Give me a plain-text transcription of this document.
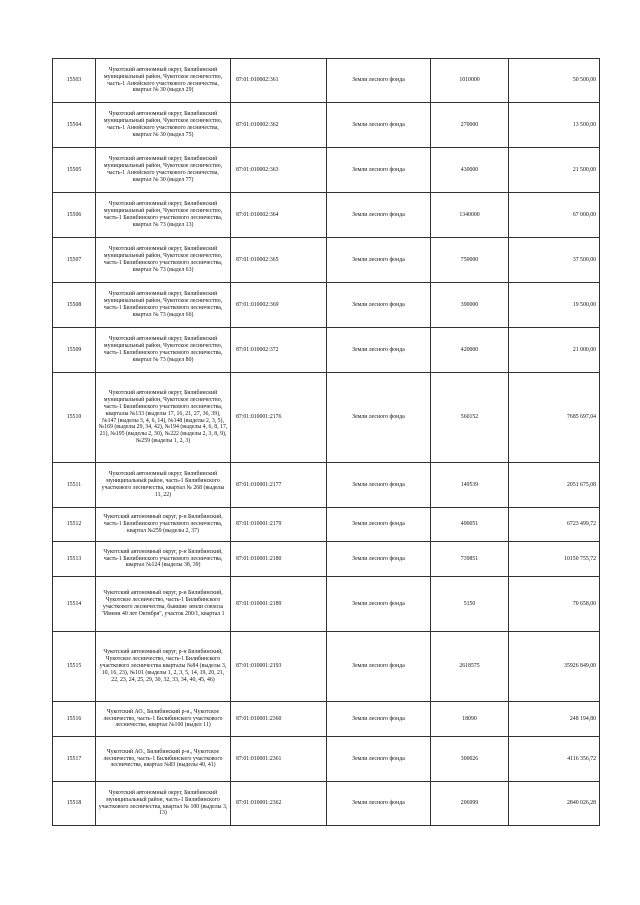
15503	Чукотский автономный округ, Билибинский муниципальный район, Чукотское лесничество, часть-1 Анюйского участкового лесничества, квартал № 30 (выдел 29)	87:01:010002:361	Земли лесного фонда	1010000	50 500,00
15504	Чукотский автономный округ, Билибинский муниципальный район, Чукотское лесничество, часть-1 Анюйского участкового лесничества, квартал № 30 (выдел 75)	87:01:010002:362	Земли лесного фонда	270000	13 500,00
15505	Чукотский автономный округ, Билибинский муниципальный район, Чукотское лесничество, часть-1 Анюйского участкового лесничества, квартал № 30 (выдел 77)	87:01:010002:363	Земли лесного фонда	430000	21 500,00
15506	Чукотский автономный округ, Билибинский муниципальный район, Чукотское лесничество, часть-1 Билибинского участкового лесничества, квартал № 73 (выдел 13)	87:01:010002:364	Земли лесного фонда	1340000	67 000,00
15507	Чукотский автономный округ, Билибинский муниципальный район, Чукотское лесничество, часть-1 Билибинского участкового лесничества, квартал № 73 (выдел 63)	87:01:010002:365	Земли лесного фонда	750000	37 500,00
15508	Чукотский автономный округ, Билибинский муниципальный район, Чукотское лесничество, часть-1 Билибинского участкового лесничества, квартал № 73 (выдел 66)	87:01:010002:369	Земли лесного фонда	390000	19 500,00
15509	Чукотский автономный округ, Билибинский муниципальный район, Чукотское лесничество, часть-1 Билибинского участкового лесничества, квартал № 73 (выдел 80)	87:01:010002:372	Земли лесного фонда	420000	21 000,00
15510	Чукотский автономный округ, Билибинский муниципальный район, Чукотское лесничество, часть-1 Билибинского участкового лесничества, кварталы №133 (выделы 17, 16, 21, 27, 36, 39), №147 (выделы 3, 4, 6, 14), №148 (выделы 2, 3, 5), №169 (выделы 29, 34, 42), №194 (выделы 4, 6, 8, 17, 21), №195 (выделы 2, 30), №222 (выделы 2, 3, 8, 9), №259 (выделы 1, 2, 3)	87:01:010001:2176	Земли лесного фонда	560152	7685 697,04
15511	Чукотский автономный округ, Билибинский муниципальный район, часть-1 Билибинского участкового лесничества, квартал № 268 (выделы 11, 22)	87:01:010001:2177	Земли лесного фонда	149539	2051 675,08
15512	Чукотский автономный округ, р-н Билибинский, часть-1 Билибинского участкового лесничества, квартал №259 (выделы 2, 37)	87:01:010001:2179	Земли лесного фонда	490051	6723 499,72
15513	Чукотский автономный округ, р-н Билибинский, часть-1 Билибинского участкового лесничества, квартал №124 (выделы 38, 39)	87:01:010001:2180	Земли лесного фонда	739851	10150 755,72
15514	Чукотский автономный округ, р-н Билибинский, Чукотское лесничество, часть-1 Билибинского участкового лесничества, бывшие земли совхоза "Имени 40 лет Октября", участок 200/1, квартал 1	87:01:010001:2189	Земли лесного фонда	5150	70 658,00
15515	Чукотский автономный округ, р-н Билибинский, Чукотское лесничество, часть-1 Билибинского участкового лесничества кварталы №84 (выделы 3, 10, 16, 23), №101 (выделы 1, 2, 3, 5, 14, 19, 20, 21, 22, 23, 24, 25, 29, 30, 32, 33, 34, 40, 45, 46)	87:01:010001:2193	Земли лесного фонда	2618575	35926 849,00
15516	Чукотский АО., Билибинский р-н., Чукотское лесничество, часть-1 Билибинского участкового лесничества, квартал №100 (выдел 11)	87:01:010001:2360	Земли лесного фонда	18090	248 194,80
15517	Чукотский АО., Билибинский р-н., Чукотское лесничество, часть-1 Билибинского участкового лесничества, квартал №83 (выделы 40, 41)	87:01:010001:2361	Земли лесного фонда	300026	4116 356,72
15518	Чукотский автономный округ, Билибинский муниципальный район, часть-1 Билибинского участкового лесничества, квартал № 100 (выделы 3, 13)	87:01:010001:2362	Земли лесного фонда	206999	2840 026,28
